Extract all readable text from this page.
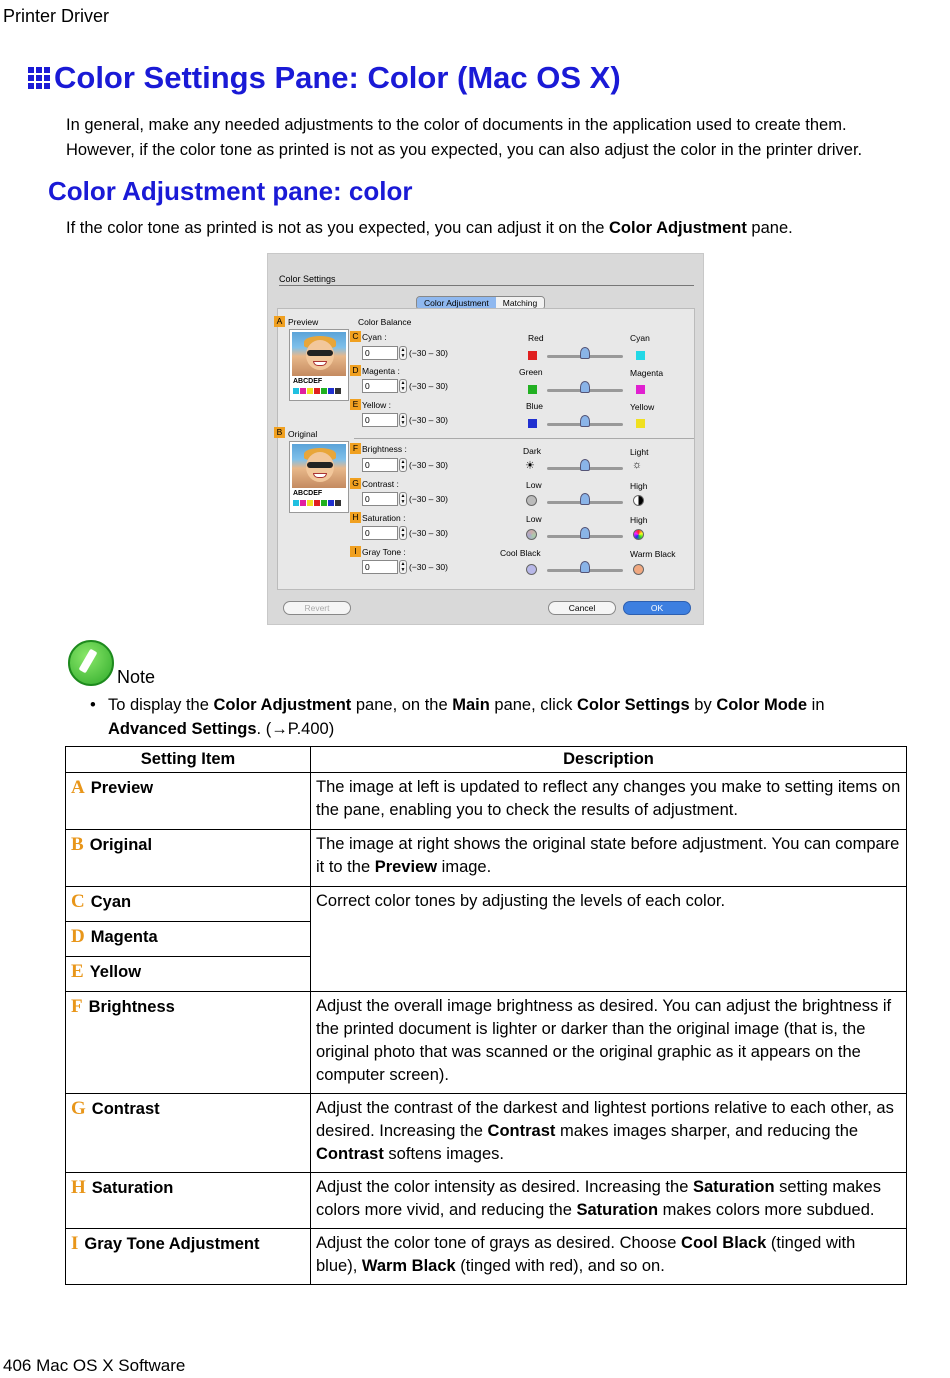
Printer Driver
Color Settings Pane: Color (Mac OS X)
In general, make any needed adjustments to the color of documents in the application used to create them.
However, if the color tone as printed is not as you expected, you can also adjust the color in the printer driver.
Color Adjustment pane: color
If the color tone as printed is not as you expected, you can adjust it on the Color Adjustment pane.
Color Settings
Color Adjustment	Matching
A Preview	Color Balance
ABCDEF
B Original
ABCDEF
C Cyan :
0	▲
▼ (−30 – 30)
Red	Cyan
D Magenta :
0	▲
▼ (−30 – 30)
Green	Magenta
E Yellow :
0	▲
▼ (−30 – 30)
Blue	Yellow
F Brightness :
0	▲
▼ (−30 – 30)
Dark	Light
☀	☼
G Contrast :
0	▲
▼ (−30 – 30)
Low	High
H Saturation :
0	▲
▼ (−30 – 30)
Low	High
I Gray Tone :
0	▲
▼ (−30 – 30)
Cool Black	Warm Black
Revert	Cancel	OK
Note
• To display the Color Adjustment pane, on the Main pane, click Color Settings by Color Mode in Advanced Settings. (→P.400)
Setting Item	Description
A Preview	The image at left is updated to reflect any changes you make to setting items on the pane, enabling you to check the results of adjustment.
B Original	The image at right shows the original state before adjustment. You can compare it to the Preview image.
C Cyan	Correct color tones by adjusting the levels of each color.
D Magenta	
E Yellow	
F Brightness	Adjust the overall image brightness as desired. You can adjust the brightness if the printed document is lighter or darker than the original image (that is, the original photo that was scanned or the original graphic as it appears on the computer screen).
G Contrast	Adjust the contrast of the darkest and lightest portions relative to each other, as desired. Increasing the Contrast makes images sharper, and reducing the Contrast softens images.
H Saturation	Adjust the color intensity as desired. Increasing the Saturation setting makes colors more vivid, and reducing the Saturation makes colors more subdued.
I Gray Tone Adjustment	Adjust the color tone of grays as desired. Choose Cool Black (tinged with blue), Warm Black (tinged with red), and so on.
406 Mac OS X Software
